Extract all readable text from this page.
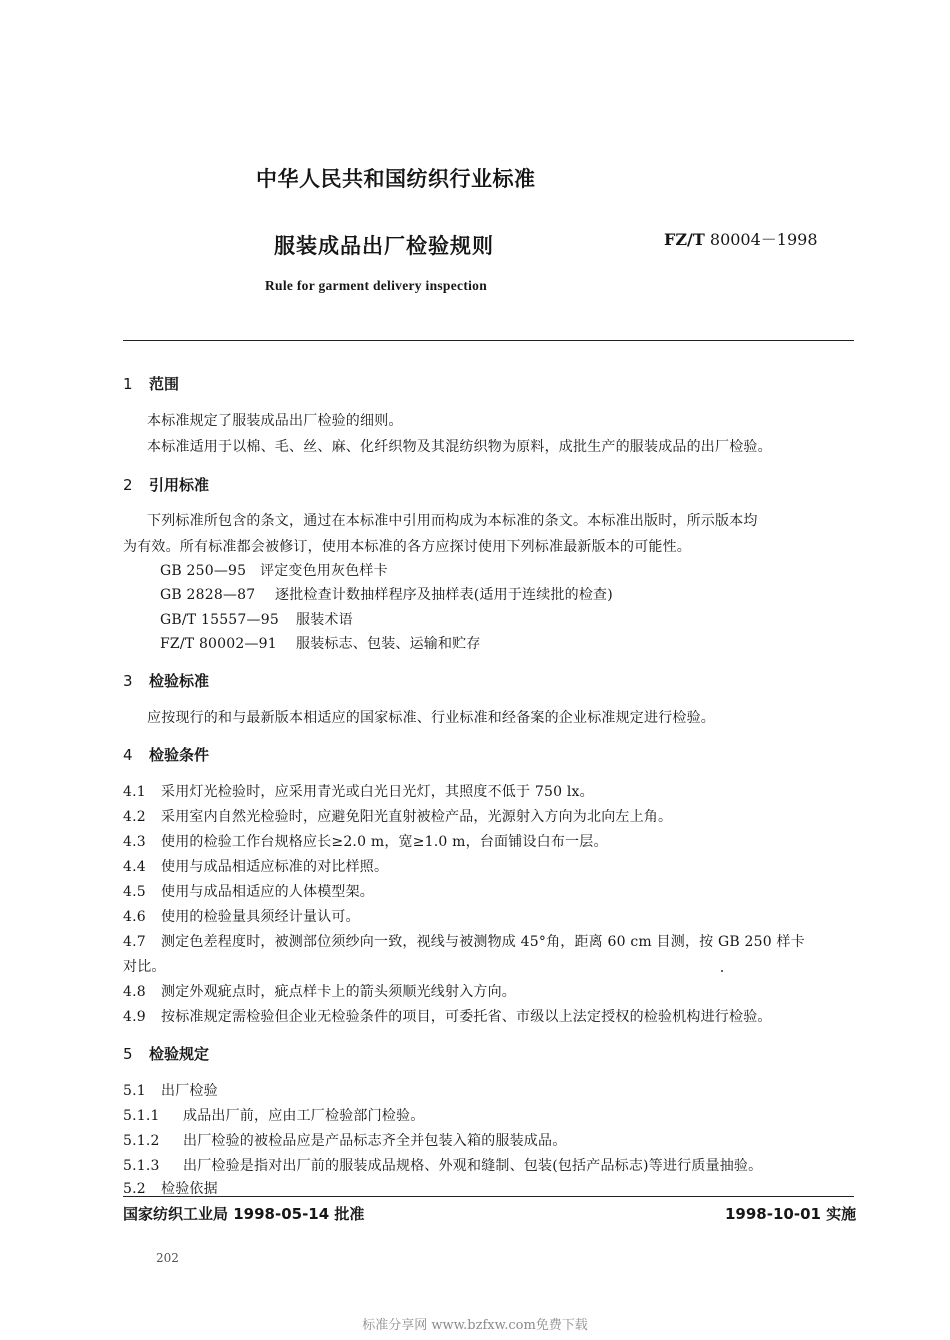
中华人民共和国纺织行业标准
服装成品出厂检验规则	FZ/T 80004－1998
Rule for garment delivery inspection
1 范围
本标准规定了服装成品出厂检验的细则。
本标准适用于以棉、毛、丝、麻、化纤织物及其混纺织物为原料，成批生产的服装成品的出厂检验。
2 引用标准
下列标准所包含的条文，通过在本标准中引用而构成为本标准的条文。本标准出版时，所示版本均
为有效。所有标准都会被修订，使用本标准的各方应探讨使用下列标准最新版本的可能性。
GB 250—95 评定变色用灰色样卡
GB 2828—87 逐批检查计数抽样程序及抽样表(适用于连续批的检查)
GB/T 15557—95 服装术语
FZ/T 80002—91 服装标志、包装、运输和贮存
3 检验标准
应按现行的和与最新版本相适应的国家标准、行业标准和经备案的企业标准规定进行检验。
4 检验条件
4.1 采用灯光检验时，应采用青光或白光日光灯，其照度不低于 750 lx。
4.2 采用室内自然光检验时，应避免阳光直射被检产品，光源射入方向为北向左上角。
4.3 使用的检验工作台规格应长≥2.0 m，宽≥1.0 m，台面铺设白布一层。
4.4 使用与成品相适应标准的对比样照。
4.5 使用与成品相适应的人体模型架。
4.6 使用的检验量具须经计量认可。
4.7 测定色差程度时，被测部位须纱向一致，视线与被测物成 45°角，距离 60 cm 目测，按 GB 250 样卡
对比。
4.8 测定外观疵点时，疵点样卡上的箭头须顺光线射入方向。
4.9 按标准规定需检验但企业无检验条件的项目，可委托省、市级以上法定授权的检验机构进行检验。
5 检验规定
5.1 出厂检验
5.1.1 成品出厂前，应由工厂检验部门检验。
5.1.2 出厂检验的被检品应是产品标志齐全并包装入箱的服装成品。
5.1.3 出厂检验是指对出厂前的服装成品规格、外观和缝制、包装(包括产品标志)等进行质量抽验。
5.2 检验依据
国家纺织工业局 1998-05-14 批准	1998-10-01 实施
202
标准分享网 www.bzfxw.com免费下载
